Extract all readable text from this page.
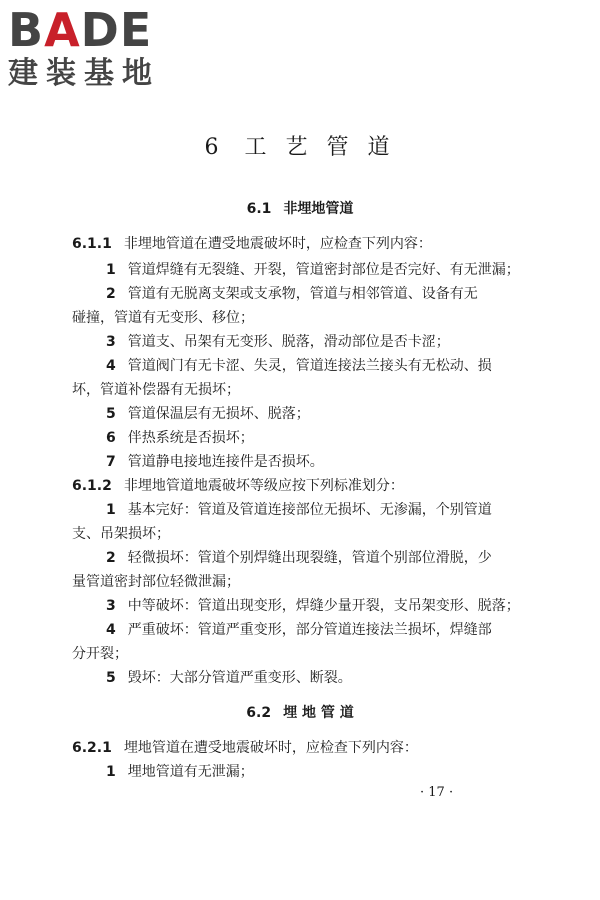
B A DE
建装基地
6 工 艺 管 道
6.1 非埋地管道
6.1.1 非埋地管道在遭受地震破坏时，应检查下列内容：
1 管道焊缝有无裂缝、开裂，管道密封部位是否完好、有无泄漏；
2 管道有无脱离支架或支承物，管道与相邻管道、设备有无
碰撞，管道有无变形、移位；
3 管道支、吊架有无变形、脱落，滑动部位是否卡涩；
4 管道阀门有无卡涩、失灵，管道连接法兰接头有无松动、损
坏，管道补偿器有无损坏；
5 管道保温层有无损坏、脱落；
6 伴热系统是否损坏；
7 管道静电接地连接件是否损坏。
6.1.2 非埋地管道地震破坏等级应按下列标准划分：
1 基本完好：管道及管道连接部位无损坏、无渗漏，个别管道
支、吊架损坏；
2 轻微损坏：管道个别焊缝出现裂缝，管道个别部位滑脱，少
量管道密封部位轻微泄漏；
3 中等破坏：管道出现变形，焊缝少量开裂，支吊架变形、脱落；
4 严重破坏：管道严重变形，部分管道连接法兰损坏，焊缝部
分开裂；
5 毁坏：大部分管道严重变形、断裂。
6.2 埋 地 管 道
6.2.1 埋地管道在遭受地震破坏时，应检查下列内容：
1 埋地管道有无泄漏；
· 17 ·
